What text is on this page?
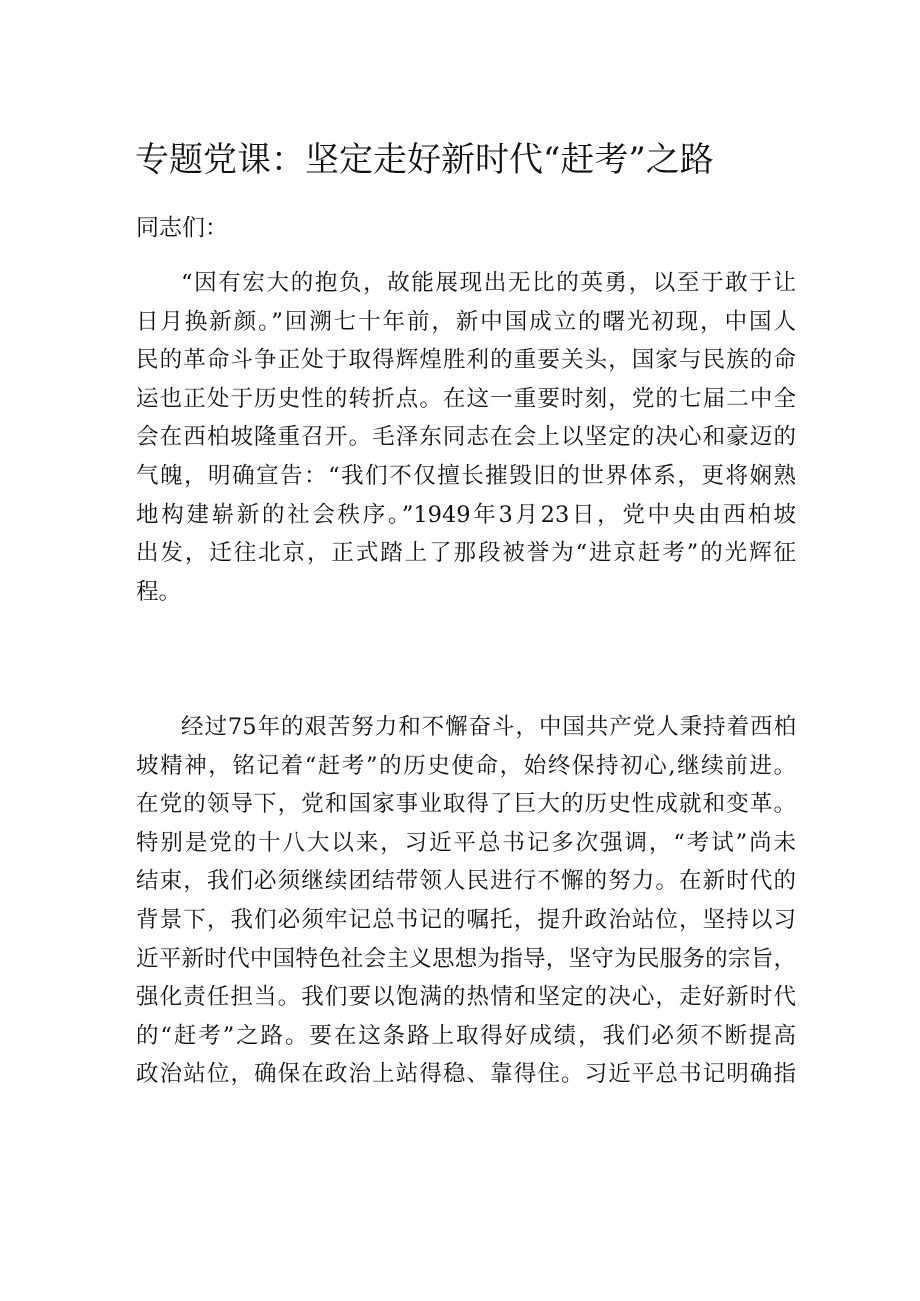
专题党课：坚定走好新时代“赶考”之路

同志们：

“因有宏大的抱负，故能展现出无比的英勇，以至于敢于让
日月换新颜。”回溯七十年前，新中国成立的曙光初现，中国人
民的革命斗争正处于取得辉煌胜利的重要关头，国家与民族的命
运也正处于历史性的转折点。在这一重要时刻，党的七届二中全
会在西柏坡隆重召开。毛泽东同志在会上以坚定的决心和豪迈的
气魄，明确宣告：“我们不仅擅长摧毁旧的世界体系，更将娴熟
地构建崭新的社会秩序。”1949年3月23日，党中央由西柏坡
出发，迁往北京，正式踏上了那段被誉为“进京赶考”的光辉征
程。
经过75年的艰苦努力和不懈奋斗，中国共产党人秉持着西柏
坡精神，铭记着“赶考”的历史使命，始终保持初心,继续前进。
在党的领导下，党和国家事业取得了巨大的历史性成就和变革。
特别是党的十八大以来，习近平总书记多次强调，“考试”尚未
结束，我们必须继续团结带领人民进行不懈的努力。在新时代的
背景下，我们必须牢记总书记的嘱托，提升政治站位，坚持以习
近平新时代中国特色社会主义思想为指导，坚守为民服务的宗旨，
强化责任担当。我们要以饱满的热情和坚定的决心，走好新时代
的“赶考”之路。要在这条路上取得好成绩，我们必须不断提高
政治站位，确保在政治上站得稳、靠得住。习近平总书记明确指
